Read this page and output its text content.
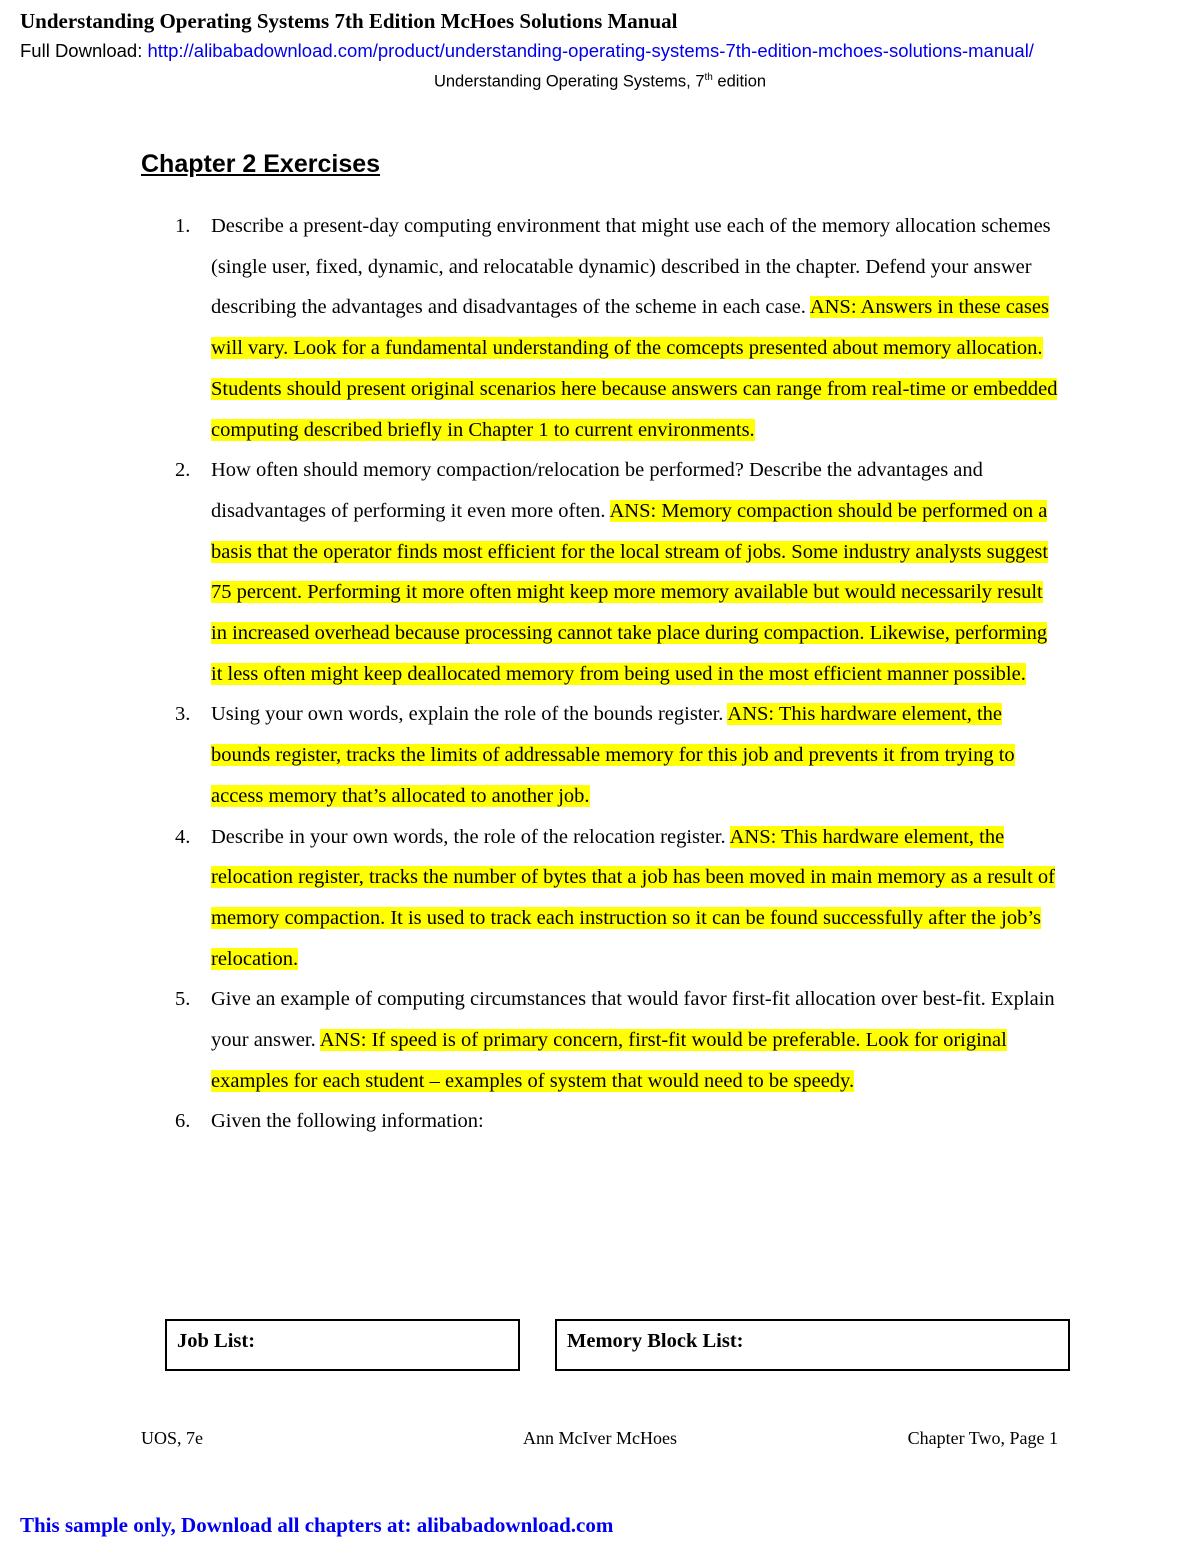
Understanding Operating Systems 7th Edition McHoes Solutions Manual
Full Download: http://alibabadownload.com/product/understanding-operating-systems-7th-edition-mchoes-solutions-manual/
Understanding Operating Systems, 7th edition
Chapter 2 Exercises
1. Describe a present-day computing environment that might use each of the memory allocation schemes (single user, fixed, dynamic, and relocatable dynamic) described in the chapter. Defend your answer describing the advantages and disadvantages of the scheme in each case. ANS: Answers in these cases will vary. Look for a fundamental understanding of the comcepts presented about memory allocation. Students should present original scenarios here because answers can range from real-time or embedded computing described briefly in Chapter 1 to current environments.
2. How often should memory compaction/relocation be performed? Describe the advantages and disadvantages of performing it even more often. ANS: Memory compaction should be performed on a basis that the operator finds most efficient for the local stream of jobs. Some industry analysts suggest 75 percent. Performing it more often might keep more memory available but would necessarily result in increased overhead because processing cannot take place during compaction. Likewise, performing it less often might keep deallocated memory from being used in the most efficient manner possible.
3. Using your own words, explain the role of the bounds register. ANS: This hardware element, the bounds register, tracks the limits of addressable memory for this job and prevents it from trying to access memory that’s allocated to another job.
4. Describe in your own words, the role of the relocation register. ANS: This hardware element, the relocation register, tracks the number of bytes that a job has been moved in main memory as a result of memory compaction. It is used to track each instruction so it can be found successfully after the job’s relocation.
5. Give an example of computing circumstances that would favor first-fit allocation over best-fit. Explain your answer. ANS: If speed is of primary concern, first-fit would be preferable. Look for original examples for each student – examples of system that would need to be speedy.
6. Given the following information:
Job List:	Memory Block List:
UOS, 7e	Ann McIver McHoes	Chapter Two, Page 1
This sample only, Download all chapters at: alibabadownload.com
